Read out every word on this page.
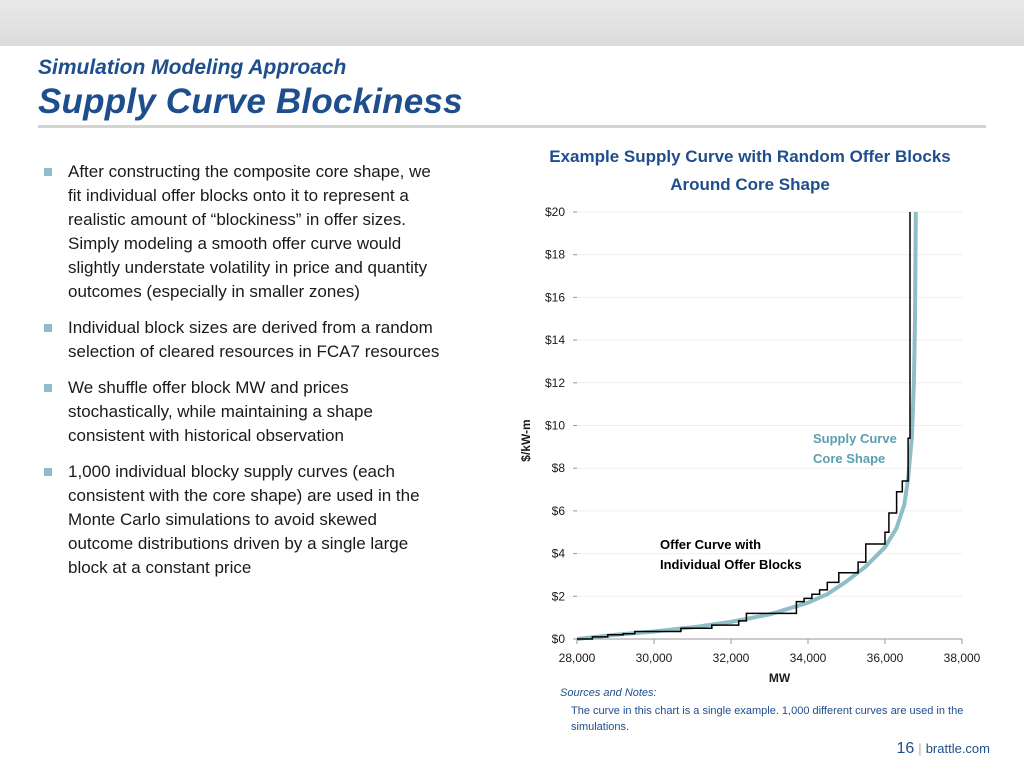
Simulation Modeling Approach
Supply Curve Blockiness
After constructing the composite core shape, we fit individual offer blocks onto it to represent a realistic amount of “blockiness” in offer sizes. Simply modeling a smooth offer curve would slightly understate volatility in price and quantity outcomes (especially in smaller zones)
Individual block sizes are derived from a random selection of cleared resources in FCA7 resources
We shuffle offer block MW and prices stochastically, while maintaining a shape consistent with historical observation
1,000 individual blocky supply curves (each consistent with the core shape) are used in the Monte Carlo simulations to avoid skewed outcome distributions driven by a single large block at a constant price
Example Supply Curve with Random Offer Blocks Around Core Shape
$0
$2
$4
$6
$8
$10
$12
$14
$16
$18
$20
28,000	30,000	32,000	34,000	36,000	38,000
MW
$/kW-m	Supply Curve Core Shape
Offer Curve with Individual Offer Blocks
Sources and Notes:
The curve in this chart is a single example. 1,000 different curves are used in the simulations.
16 | brattle.com
